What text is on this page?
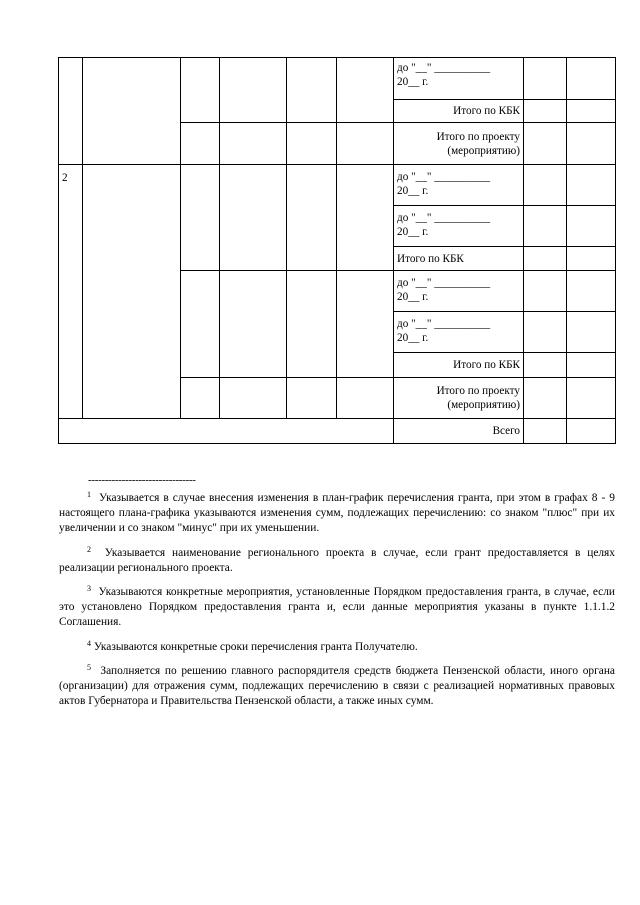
						до "__" __________
20__ г.		

						Итого по КБК		
						Итого по проекту (мероприятию)		
2						до "__" __________
20__ г.		

						до "__" __________
20__ г.		

						Итого по КБК		

						до "__" __________
20__ г.		

						до "__" __________
20__ г.		

						Итого по КБК		
						Итого по проекту (мероприятию)		
						Всего		
--------------------------------

$^1$ Указывается в случае внесения изменения в план-график перечисления гранта, при этом в графах 8 - 9 настоящего плана-графика указываются изменения сумм, подлежащих перечислению: со знаком "плюс" при их увеличении и со знаком "минус" при их уменьшении.

$^2$ Указывается наименование регионального проекта в случае, если грант предоставляется в целях реализации регионального проекта.

$^3$ Указываются конкретные мероприятия, установленные Порядком предоставления гранта, в случае, если это установлено Порядком предоставления гранта и, если данные мероприятия указаны в пункте 1.1.1.2 Соглашения.

$^4$ Указываются конкретные сроки перечисления гранта Получателю.

$^5$ Заполняется по решению главного распорядителя средств бюджета Пензенской области, иного органа (организации) для отражения сумм, подлежащих перечислению в связи с реализацией нормативных правовых актов Губернатора и Правительства Пензенской области, а также иных сумм.
